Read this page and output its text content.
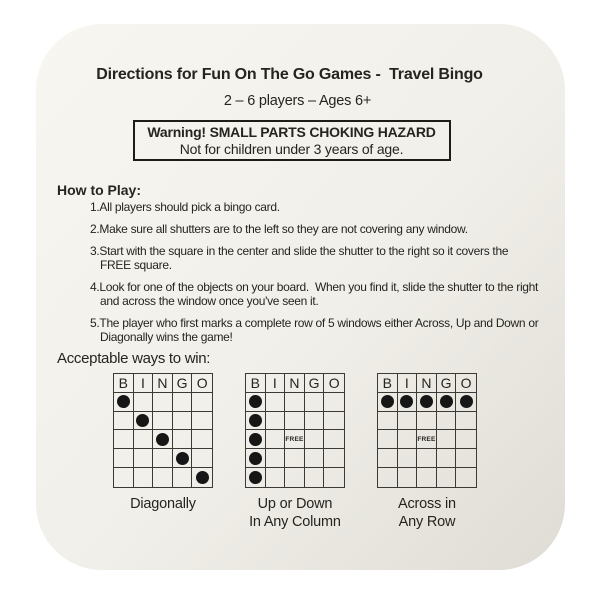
Directions for Fun On The Go Games -  Travel Bingo
2 – 6 players – Ages 6+
Warning! SMALL PARTS CHOKING HAZARD
Not for children under 3 years of age.
How to Play:
1.All players should pick a bingo card.
2.Make sure all shutters are to the left so they are not covering any window.
3.Start with the square in the center and slide the shutter to the right so it covers the
FREE square.
4.Look for one of the objects on your board.  When you find it, slide the shutter to the right
and across the window once you've seen it.
5.The player who first marks a complete row of 5 windows either Across, Up and Down or
Diagonally wins the game!
Acceptable ways to win:
B I N G O
Diagonally
B I N G O
FREE
Up or Down
In Any Column
B I N G O
FREE
Across in
Any Row
